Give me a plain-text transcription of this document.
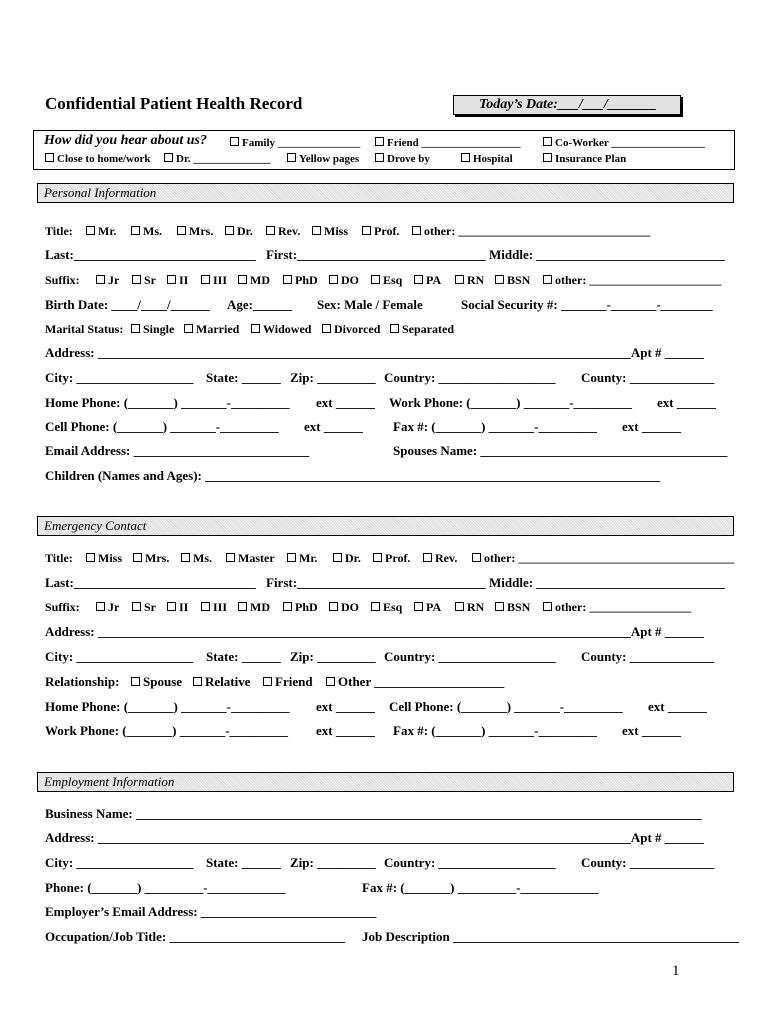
Confidential Patient Health Record	Today’s Date:___/___/_______
How did you hear about us?	Family _______________	Friend __________________	Co-Worker _________________
Close to home/work	Dr. ______________	Yellow pages	Drove by	Hospital	Insurance Plan
Personal Information
Title:	Mr.	Ms.	Mrs.	Dr.	Rev.	Miss	Prof.	other: ________________________________
Last:____________________________ First:_____________________________ Middle: _____________________________
Suffix:	Jr	Sr	II	III	MD	PhD	DO	Esq	PA	RN	BSN	other: ______________________
Birth Date: ____/____/______ Age:______ Sex: Male / Female	Social Security #: _______-_______-________
Marital Status:	Single	Married	Widowed	Divorced	Separated
Address: __________________________________________________________________________________Apt # ______
City: __________________ State: ______ Zip: _________ Country: __________________ County: _____________
Home Phone: (_______) _______-_________ ext ______ Work Phone: (_______) _______-_________ ext ______
Cell Phone: (_______) _______-_________ ext ______ Fax #: (_______) _______-_________ ext ______
Email Address: ___________________________	Spouses Name: ______________________________________
Children (Names and Ages): ______________________________________________________________________
Emergency Contact
Title:	Miss	Mrs.	Ms.	Master	Mr.	Dr.	Prof.	Rev.	other: ____________________________________
Last:____________________________ First:_____________________________ Middle: _____________________________
Suffix:	Jr	Sr	II	III	MD	PhD	DO	Esq	PA	RN	BSN	other: _________________
Address: __________________________________________________________________________________Apt # ______
City: __________________ State: ______ Zip: _________ Country: __________________ County: _____________
Relationship:	Spouse	Relative	Friend	Other ____________________
Home Phone: (_______) _______-_________ ext ______ Cell Phone: (_______) _______-_________ ext ______
Work Phone: (_______) _______-_________ ext ______ Fax #: (_______) _______-_________ ext ______
Employment Information
Business Name: _______________________________________________________________________________________
Address: __________________________________________________________________________________Apt # ______
City: __________________ State: ______ Zip: _________ Country: __________________ County: _____________
Phone: (_______) _________-____________	Fax #: (_______) _________-____________
Employer’s Email Address: ___________________________
Occupation/Job Title: ___________________________ Job Description ____________________________________________
1
